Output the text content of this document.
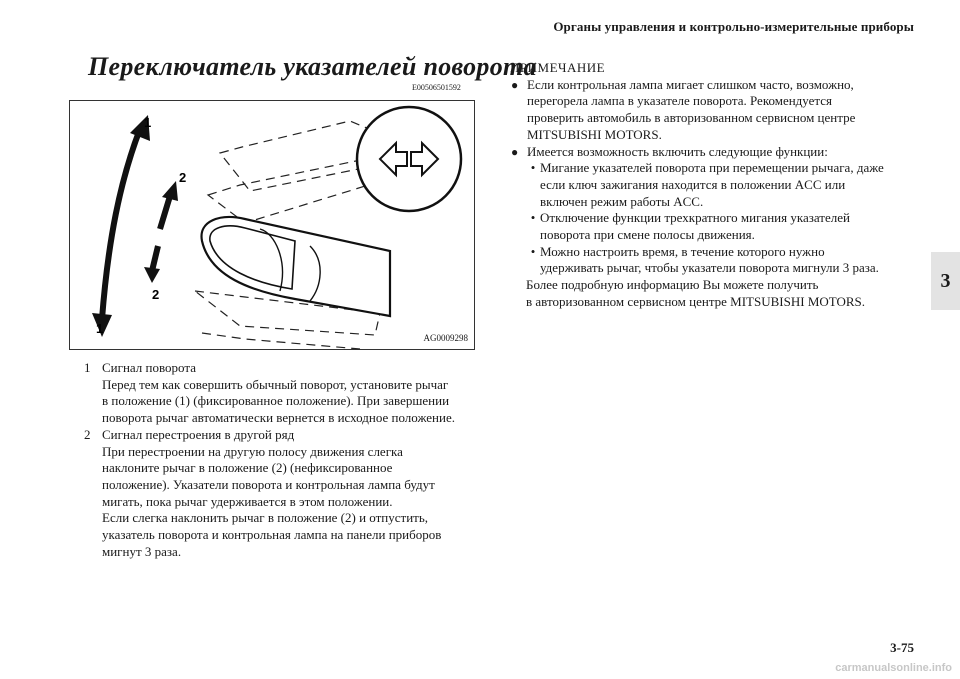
Органы управления и контрольно-измерительные приборы
Переключатель указателей поворота
E00506501592
1
2
2
1
AG0009298
1 Сигнал поворота

Перед тем как совершить обычный поворот, установите рычаг

в положение (1) (фиксированное положение). При завершении

поворота рычаг автоматически вернется в исходное положение.

2 Сигнал перестроения в другой ряд

При перестроении на другую полосу движения слегка

наклоните рычаг в положение (2) (нефиксированное

положение). Указатели поворота и контрольная лампа будут

мигать, пока рычаг удерживается в этом положении.

Если слегка наклонить рычаг в положение (2) и отпустить,

указатель поворота и контрольная лампа на панели приборов

мигнут 3 раза.

ПРИМЕЧАНИЕ

● Если контрольная лампа мигает слишком часто, возможно,

перегорела лампа в указателе поворота. Рекомендуется

проверить автомобиль в авторизованном сервисном центре

MITSUBISHI MOTORS.

● Имеется возможность включить следующие функции:

• Мигание указателей поворота при перемещении рычага, даже

если ключ зажигания находится в положении ACC или

включен режим работы ACC.

• Отключение функции трехкратного мигания указателей

поворота при смене полосы движения.

• Можно настроить время, в течение которого нужно

удерживать рычаг, чтобы указатели поворота мигнули 3 раза.

Более подробную информацию Вы можете получить

в авторизованном сервисном центре MITSUBISHI MOTORS.

3
3-75
carmanualsonline.info
